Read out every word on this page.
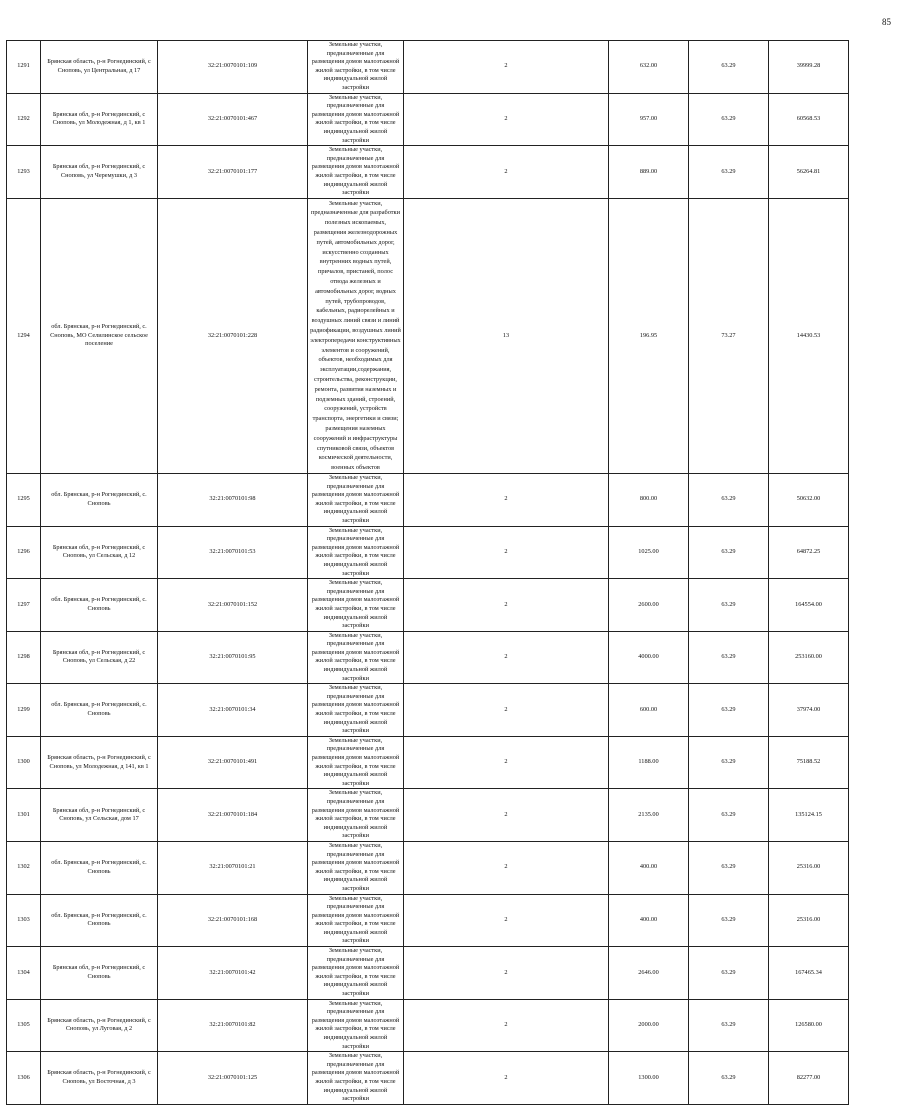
85
1291	Брянская область, р-н Рогнединский, с Сноповь, ул Центральная, д 17	32:21:0070101:109	Земельные участки, предназначенные для размещения домов малоэтажной жилой застройки, в том числе индивидуальной жилой застройки	2	632.00	63.29	39999.28
1292	Брянская обл, р-н Рогнединский, с Сноповь, ул Молодежная, д 1, кв 1	32:21:0070101:467	Земельные участки, предназначенные для размещения домов малоэтажной жилой застройки, в том числе индивидуальной жилой застройки	2	957.00	63.29	60568.53
1293	Брянская обл, р-н Рогнединский, с Сноповь, ул Черемушки, д 3	32:21:0070101:177	Земельные участки, предназначенные для размещения домов малоэтажной жилой застройки, в том числе индивидуальной жилой застройки	2	889.00	63.29	56264.81
1294	обл. Брянская, р-н Рогнединский, с. Сноповь, МО Селилинское сельское поселение	32:21:0070101:228	Земельные участки, предназначенные для разработки полезных ископаемых, размещения железнодорожных путей, автомобильных дорог, искусственно созданных внутренних водных путей, причалов, пристаней, полос отвода железных и автомобильных дорог, водных путей, трубопроводов, кабельных, радиорелейных и воздушных линий связи и линий радиофикации, воздушных линий электропередачи конструктивных элементов и сооружений, объектов, необходимых для эксплуатации,содержания, строительства, реконструкции, ремонта, развития наземных и подземных зданий, строений, сооружений, устройств транспорта, энергетики и связи; размещения наземных сооружений и инфраструктуры спутниковой связи, объектов космической деятельности, военных объектов	13	196.95	73.27	14430.53
1295	обл. Брянская, р-н Рогнединский, с. Сноповь	32:21:0070101:98	Земельные участки, предназначенные для размещения домов малоэтажной жилой застройки, в том числе индивидуальной жилой застройки	2	800.00	63.29	50632.00
1296	Брянская обл, р-н Рогнединский, с Сноповь, ул Сельская, д 12	32:21:0070101:53	Земельные участки, предназначенные для размещения домов малоэтажной жилой застройки, в том числе индивидуальной жилой застройки	2	1025.00	63.29	64872.25
1297	обл. Брянская, р-н Рогнединский, с. Сноповь	32:21:0070101:152	Земельные участки, предназначенные для размещения домов малоэтажной жилой застройки, в том числе индивидуальной жилой застройки	2	2600.00	63.29	164554.00
1298	Брянская обл, р-н Рогнединский, с Сноповь, ул Сельская, д 22	32:21:0070101:95	Земельные участки, предназначенные для размещения домов малоэтажной жилой застройки, в том числе индивидуальной жилой застройки	2	4000.00	63.29	253160.00
1299	обл. Брянская, р-н Рогнединский, с. Сноповь	32:21:0070101:34	Земельные участки, предназначенные для размещения домов малоэтажной жилой застройки, в том числе индивидуальной жилой застройки	2	600.00	63.29	37974.00
1300	Брянская область, р-н Рогнединский, с Сноповь, ул Молодежная, д 141, кв 1	32:21:0070101:491	Земельные участки, предназначенные для размещения домов малоэтажной жилой застройки, в том числе индивидуальной жилой застройки	2	1188.00	63.29	75188.52
1301	Брянская обл, р-н Рогнединский, с Сноповь, ул Сельская, дом 17	32:21:0070101:184	Земельные участки, предназначенные для размещения домов малоэтажной жилой застройки, в том числе индивидуальной жилой застройки	2	2135.00	63.29	135124.15
1302	обл. Брянская, р-н Рогнединский, с. Сноповь	32:21:0070101:21	Земельные участки, предназначенные для размещения домов малоэтажной жилой застройки, в том числе индивидуальной жилой застройки	2	400.00	63.29	25316.00
1303	обл. Брянская, р-н Рогнединский, с. Сноповь	32:21:0070101:168	Земельные участки, предназначенные для размещения домов малоэтажной жилой застройки, в том числе индивидуальной жилой застройки	2	400.00	63.29	25316.00
1304	Брянская обл, р-н Рогнединский, с Сноповь	32:21:0070101:42	Земельные участки, предназначенные для размещения домов малоэтажной жилой застройки, в том числе индивидуальной жилой застройки	2	2646.00	63.29	167465.34
1305	Брянская область, р-н Рогнединский, с Сноповь, ул Луговая, д 2	32:21:0070101:82	Земельные участки, предназначенные для размещения домов малоэтажной жилой застройки, в том числе индивидуальной жилой застройки	2	2000.00	63.29	126580.00
1306	Брянская область, р-н Рогнединский, с Сноповь, ул Восточная, д 3	32:21:0070101:125	Земельные участки, предназначенные для размещения домов малоэтажной жилой застройки, в том числе индивидуальной жилой застройки	2	1300.00	63.29	82277.00
